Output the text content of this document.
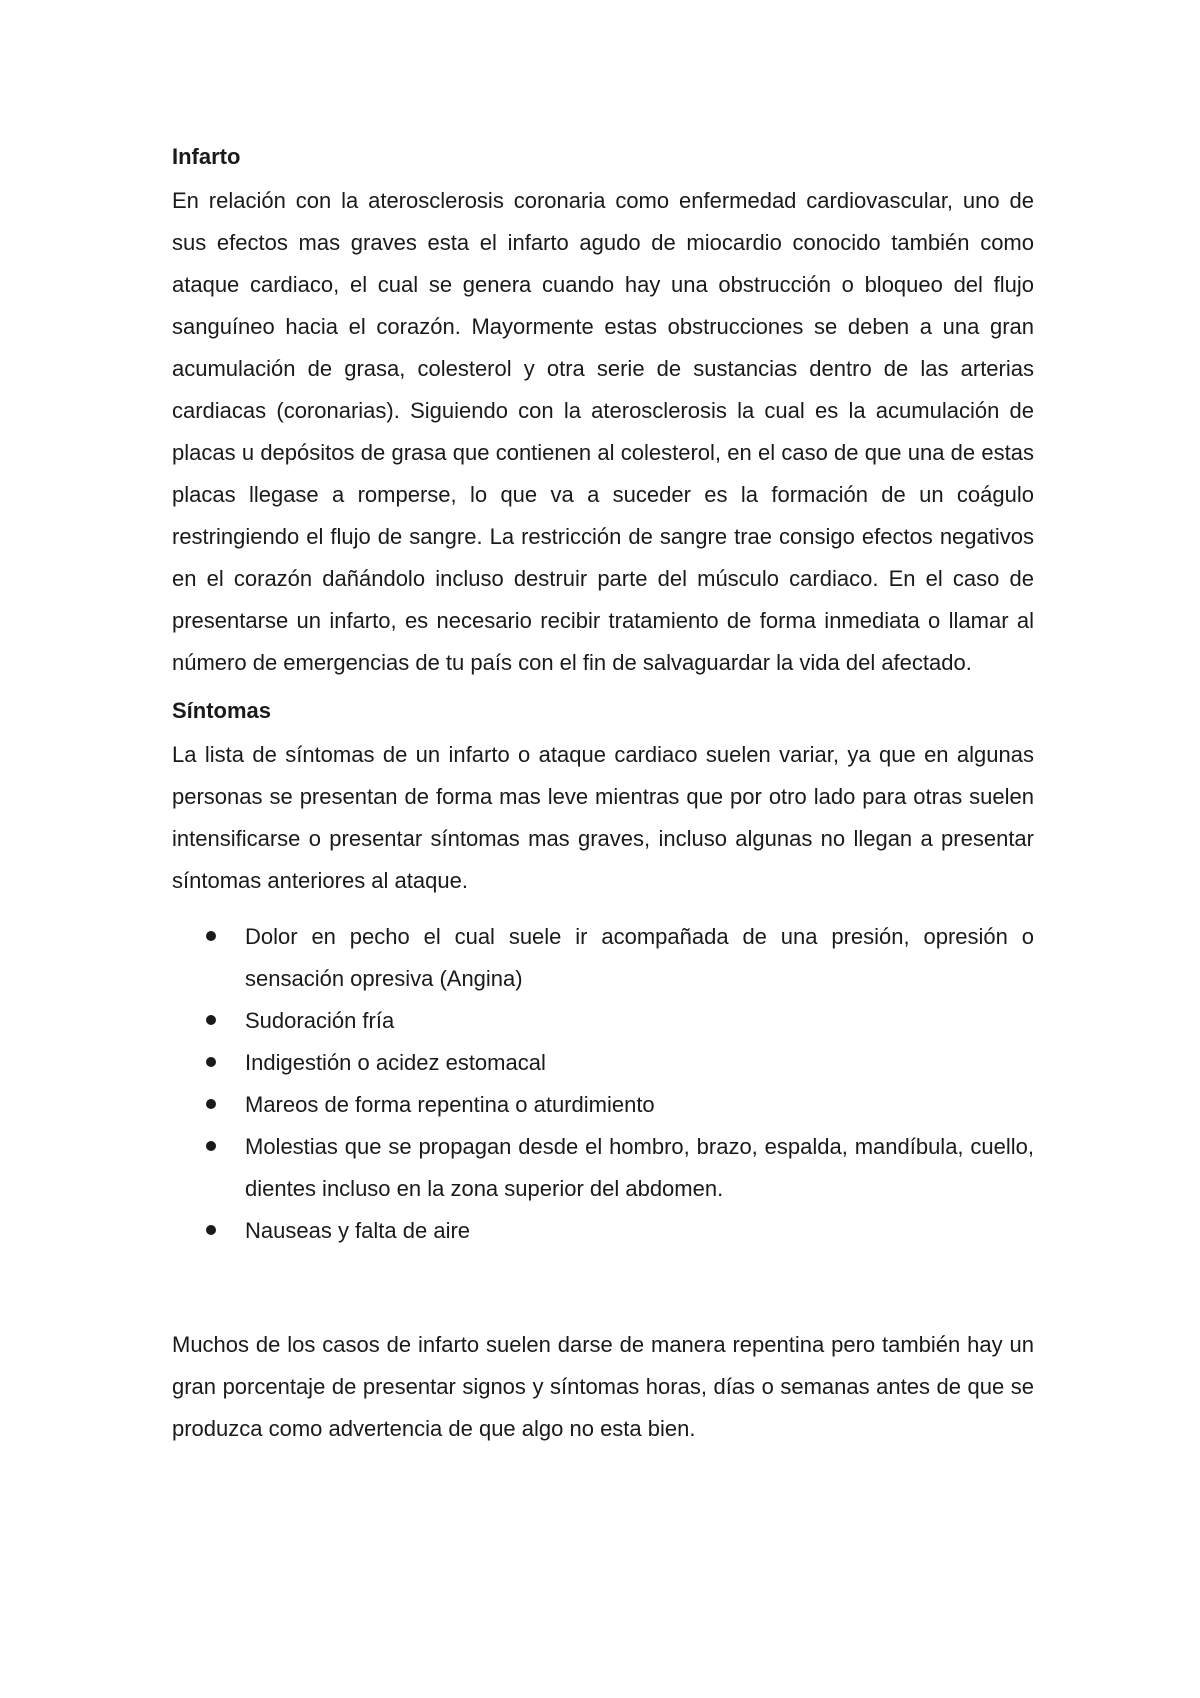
Infarto

En relación con la aterosclerosis coronaria como enfermedad cardiovascular, uno de sus efectos mas graves esta el infarto agudo de miocardio conocido también como ataque cardiaco, el cual se genera cuando hay una obstrucción o bloqueo del flujo sanguíneo hacia el corazón. Mayormente estas obstrucciones se deben a una gran acumulación de grasa, colesterol y otra serie de sustancias dentro de las arterias cardiacas (coronarias). Siguiendo con la aterosclerosis la cual es la acumulación de placas u depósitos de grasa que contienen al colesterol, en el caso de que una de estas placas llegase a romperse, lo que va a suceder es la formación de un coágulo restringiendo el flujo de sangre. La restricción de sangre trae consigo efectos negativos en el corazón dañándolo incluso destruir parte del músculo cardiaco. En el caso de presentarse un infarto, es necesario recibir tratamiento de forma inmediata o llamar al número de emergencias de tu país con el fin de salvaguardar la vida del afectado.

Síntomas

La lista de síntomas de un infarto o ataque cardiaco suelen variar, ya que en algunas personas se presentan de forma mas leve mientras que por otro lado para otras suelen intensificarse o presentar síntomas mas graves, incluso algunas no llegan a presentar síntomas anteriores al ataque.

Dolor en pecho el cual suele ir acompañada de una presión, opresión o sensación opresiva (Angina)
Sudoración fría
Indigestión o acidez estomacal
Mareos de forma repentina o aturdimiento
Molestias que se propagan desde el hombro, brazo, espalda, mandíbula, cuello, dientes incluso en la zona superior del abdomen.
Nauseas y falta de aire

Muchos de los casos de infarto suelen darse de manera repentina pero también hay un gran porcentaje de presentar signos y síntomas horas, días o semanas antes de que se produzca como advertencia de que algo no esta bien.
